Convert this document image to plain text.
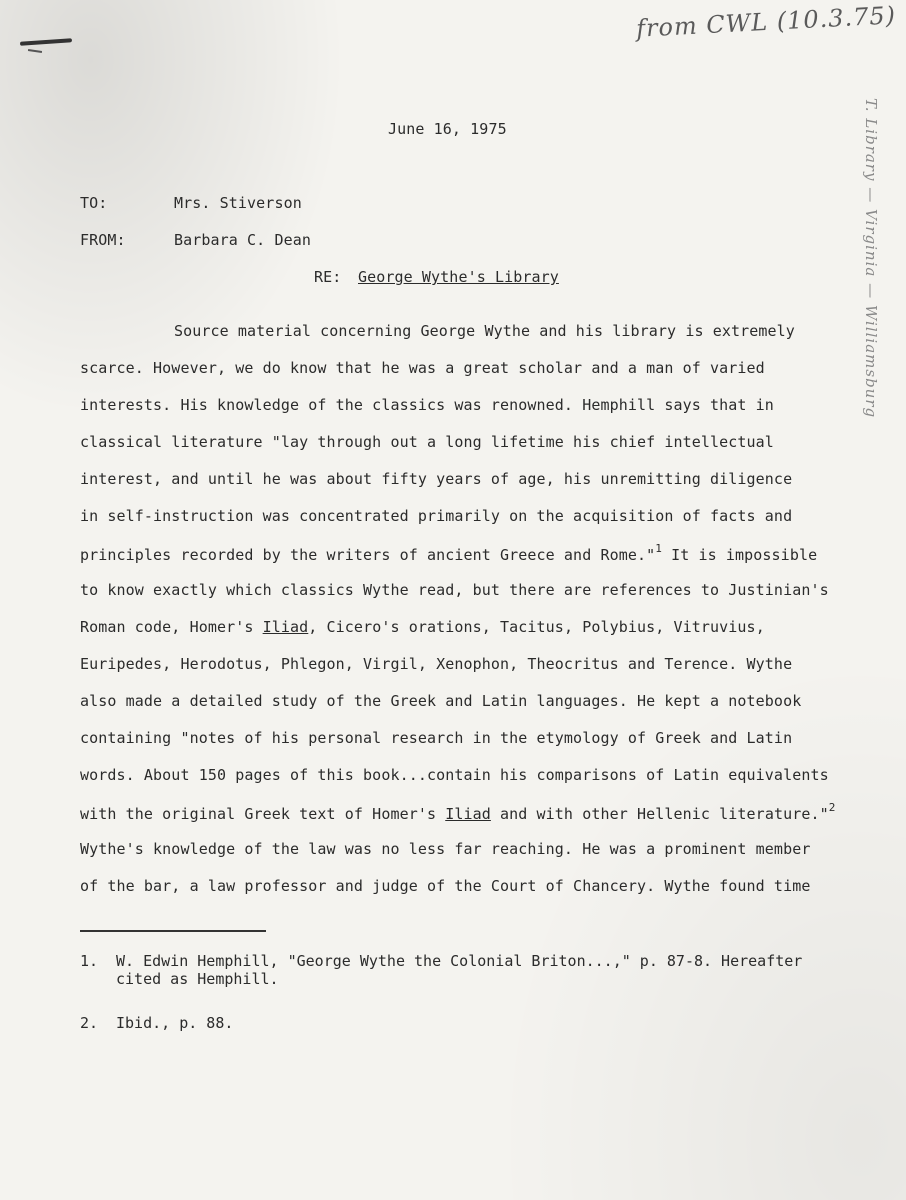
from CWL (10.3.75)
T. Library — Virginia — Williamsburg
June 16, 1975
TO:	Mrs. Stiverson
FROM:	Barbara C. Dean
RE: George Wythe's Library
Source material concerning George Wythe and his library is extremely
scarce. However, we do know that he was a great scholar and a man of varied
interests. His knowledge of the classics was renowned. Hemphill says that in
classical literature "lay through out a long lifetime his chief intellectual
interest, and until he was about fifty years of age, his unremitting diligence
in self-instruction was concentrated primarily on the acquisition of facts and
principles recorded by the writers of ancient Greece and Rome."$^1$ It is impossible
to know exactly which classics Wythe read, but there are references to Justinian's
Roman code, Homer's Iliad, Cicero's orations, Tacitus, Polybius, Vitruvius,
Euripedes, Herodotus, Phlegon, Virgil, Xenophon, Theocritus and Terence. Wythe
also made a detailed study of the Greek and Latin languages. He kept a notebook
containing "notes of his personal research in the etymology of Greek and Latin
words. About 150 pages of this book...contain his comparisons of Latin equivalents
with the original Greek text of Homer's Iliad and with other Hellenic literature."$^2$
Wythe's knowledge of the law was no less far reaching. He was a prominent member
of the bar, a law professor and judge of the Court of Chancery. Wythe found time
1. W. Edwin Hemphill, "George Wythe the Colonial Briton...," p. 87-8. Hereafter
cited as Hemphill.
2. Ibid., p. 88.
